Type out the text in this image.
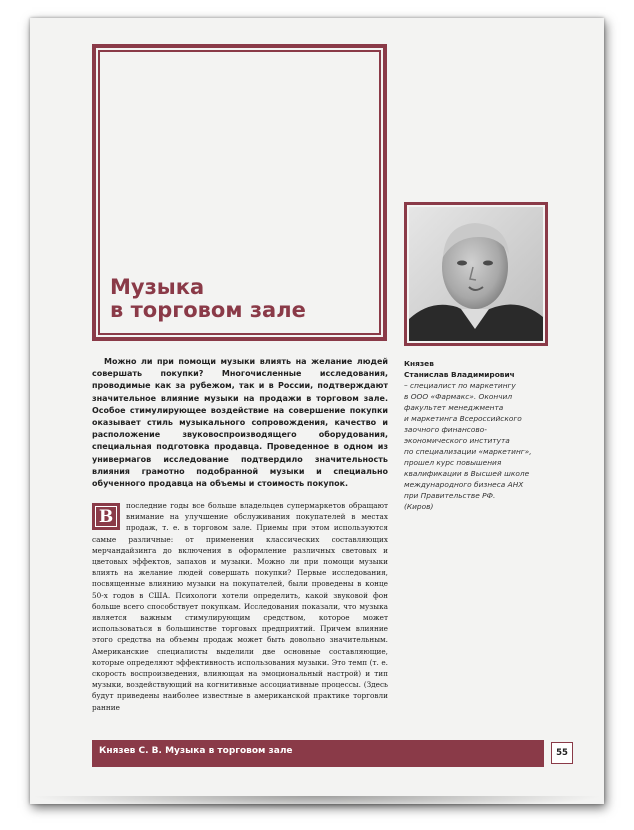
Музыка
в торговом зале

Можно ли при помощи музыки влиять на желание людей совершать покупки? Многочисленные исследования, проводимые как за рубежом, так и в России, подтверждают значительное влияние музыки на продажи в торговом зале. Особое стимулирующее воздействие на совершение покупки оказывает стиль музыкального сопровождения, качество и расположение звуковоспроизводящего оборудования, специальная подготовка продавца. Проведенное в одном из универмагов исследование подтвердило значительность влияния грамотно подобранной музыки и специально обученного продавца на объемы и стоимость покупок.

Князев
Станислав Владимирович
– специалист по маркетингу
в ООО «Фармакс». Окончил
факультет менеджмента
и маркетинга Всероссийского
заочного финансово-
экономического института
по специализации «маркетинг»,
прошел курс повышения
квалификации в Высшей школе
международного бизнеса АНХ
при Правительстве РФ.
(Киров)

последние годы все больше владельцев супермаркетов обращают внимание на улучшение обслуживания покупателей в местах продаж, т. е. в торговом зале. Приемы при этом используются самые различные: от применения классических составляющих мерчандайзинга до включения в оформление различных световых и цветовых эффектов, запахов и музыки. Можно ли при помощи музыки влиять на желание людей совершать покупки? Первые исследования, посвященные влиянию музыки на покупателей, были проведены в конце 50-х годов в США. Психологи хотели определить, какой звуковой фон больше всего способствует покупкам. Исследования показали, что музыка является важным стимулирующим средством, которое может использоваться в большинстве торговых предприятий. Причем влияние этого средства на объемы продаж может быть довольно значительным. Американские специалисты выделили две основные составляющие, которые определяют эффективность использования музыки. Это темп (т. е. скорость воспроизведения, влияющая на эмоциональный настрой) и тип музыки, воздействующий на когнитивные ассоциативные процессы. (Здесь будут приведены наиболее известные в американской практике торговли ранние

В
Князев С. В. Музыка в торговом зале	55
